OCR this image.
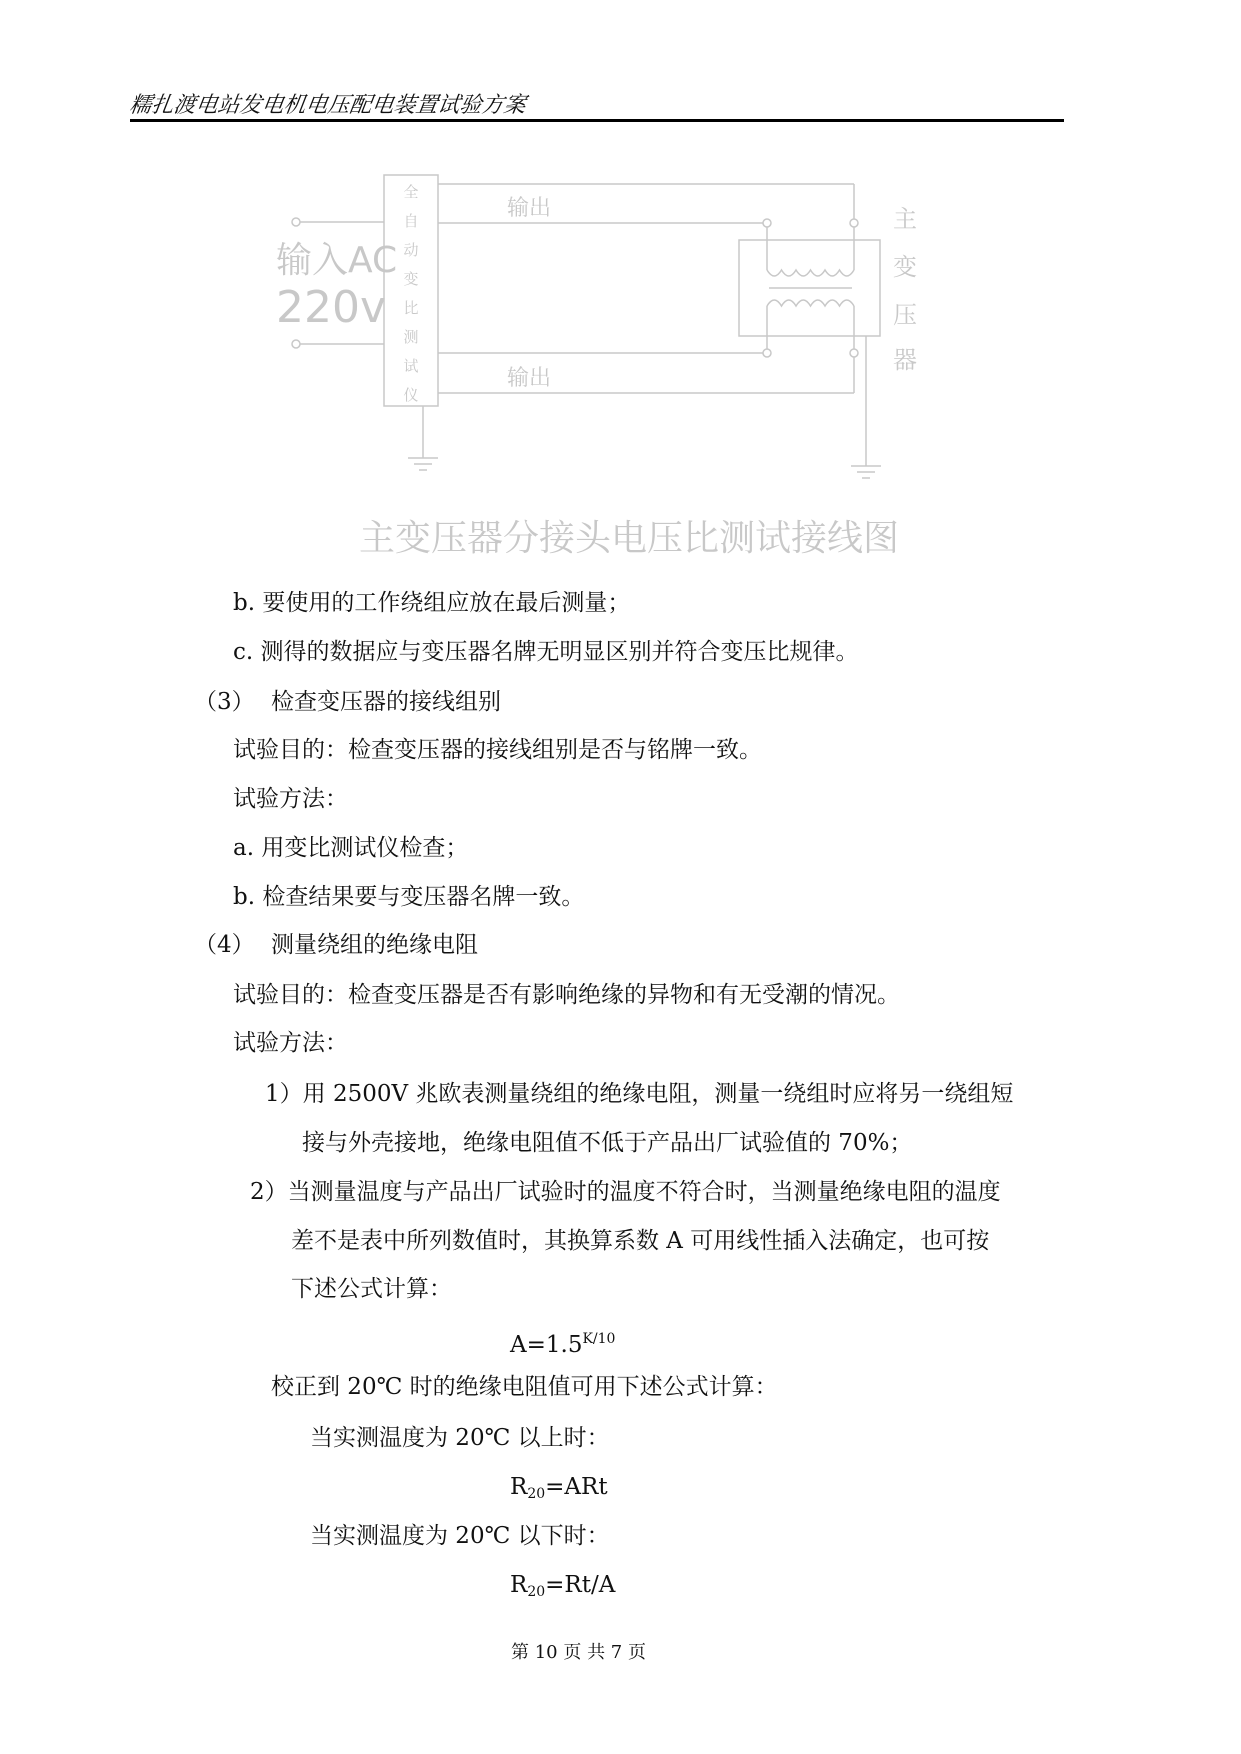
糯扎渡电站发电机电压配电装置试验方案
输入AC
220v
全
自
动
变
比
测
试
仪
输出
输出
主
变
压
器
主变压器分接头电压比测试接线图
b. 要使用的工作绕组应放在最后测量；
c. 测得的数据应与变压器名牌无明显区别并符合变压比规律。
（3） 检查变压器的接线组别
试验目的：检查变压器的接线组别是否与铭牌一致。
试验方法：
a. 用变比测试仪检查；
b. 检查结果要与变压器名牌一致。
（4） 测量绕组的绝缘电阻
试验目的：检查变压器是否有影响绝缘的异物和有无受潮的情况。
试验方法：
1）用 2500V 兆欧表测量绕组的绝缘电阻，测量一绕组时应将另一绕组短
接与外壳接地，绝缘电阻值不低于产品出厂试验值的 70%；
2）当测量温度与产品出厂试验时的温度不符合时，当测量绝缘电阻的温度
差不是表中所列数值时，其换算系数 A 可用线性插入法确定，也可按
下述公式计算：
$A=1.5^{K/10}$
校正到 20℃ 时的绝缘电阻值可用下述公式计算：
当实测温度为 20℃ 以上时：
$R_{20}=ARt$
当实测温度为 20℃ 以下时：
$R_{20}=Rt/A$
第 10 页 共 7 页
